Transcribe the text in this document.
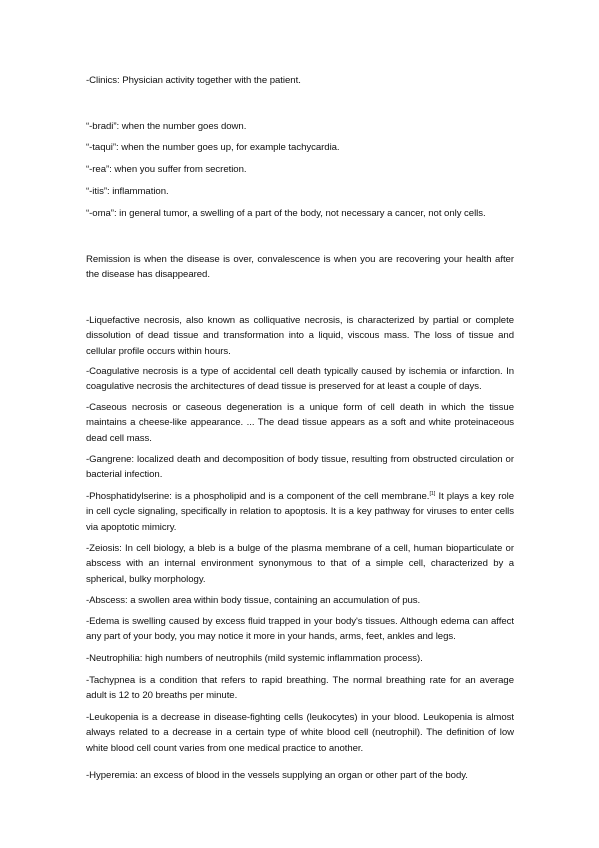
-Clinics: Physician activity together with the patient.

“-bradi”: when the number goes down.

“-taqui”: when the number goes up, for example tachycardia.

“-rea”: when you suffer from secretion.

“-itis”: inflammation.

“-oma”: in general tumor, a swelling of a part of the body, not necessary a cancer, not only cells.

Remission is when the disease is over, convalescence is when you are recovering your health after the disease has disappeared.

-Liquefactive necrosis, also known as colliquative necrosis, is characterized by partial or complete dissolution of dead tissue and transformation into a liquid, viscous mass. The loss of tissue and cellular profile occurs within hours.

-Coagulative necrosis is a type of accidental cell death typically caused by ischemia or infarction. In coagulative necrosis the architectures of dead tissue is preserved for at least a couple of days.

-Caseous necrosis or caseous degeneration is a unique form of cell death in which the tissue maintains a cheese-like appearance. ... The dead tissue appears as a soft and white proteinaceous dead cell mass.

-Gangrene: localized death and decomposition of body tissue, resulting from obstructed circulation or bacterial infection.

-Phosphatidylserine: is a phospholipid and is a component of the cell membrane.[1] It plays a key role in cell cycle signaling, specifically in relation to apoptosis. It is a key pathway for viruses to enter cells via apoptotic mimicry.

-Zeiosis: In cell biology, a bleb is a bulge of the plasma membrane of a cell, human bioparticulate or abscess with an internal environment synonymous to that of a simple cell, characterized by a spherical, bulky morphology.

-Abscess: a swollen area within body tissue, containing an accumulation of pus.

-Edema is swelling caused by excess fluid trapped in your body's tissues. Although edema can affect any part of your body, you may notice it more in your hands, arms, feet, ankles and legs.

-Neutrophilia: high numbers of neutrophils (mild systemic inflammation process).

-Tachypnea is a condition that refers to rapid breathing. The normal breathing rate for an average adult is 12 to 20 breaths per minute.

-Leukopenia is a decrease in disease-fighting cells (leukocytes) in your blood. Leukopenia is almost always related to a decrease in a certain type of white blood cell (neutrophil). The definition of low white blood cell count varies from one medical practice to another.

-Hyperemia: an excess of blood in the vessels supplying an organ or other part of the body.
